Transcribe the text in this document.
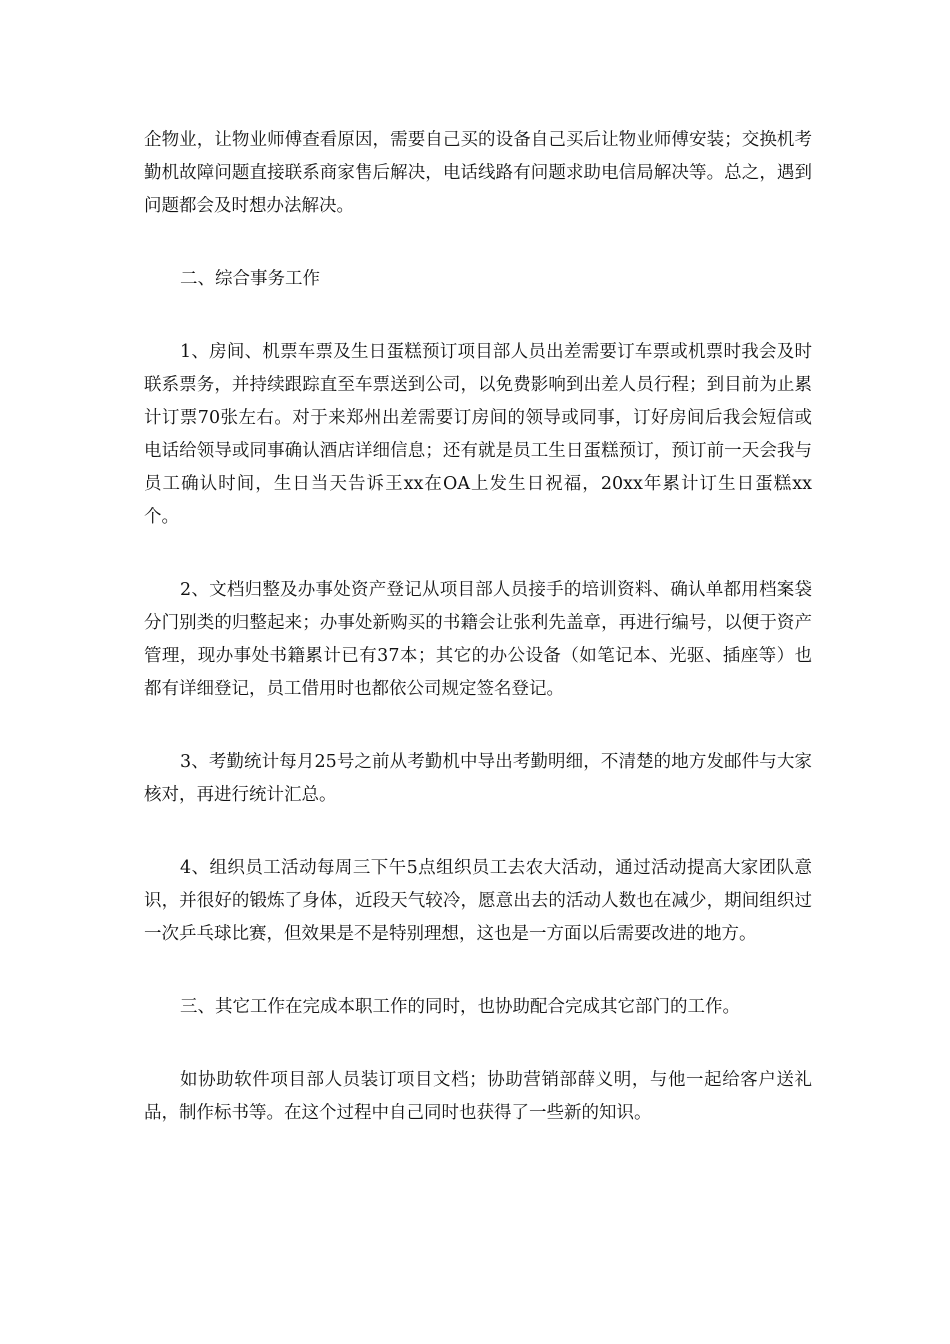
企物业，让物业师傅查看原因，需要自己买的设备自己买后让物业师傅安装；交换机考勤机故障问题直接联系商家售后解决，电话线路有问题求助电信局解决等。总之，遇到问题都会及时想办法解决。

二、综合事务工作

1、房间、机票车票及生日蛋糕预订项目部人员出差需要订车票或机票时我会及时联系票务，并持续跟踪直至车票送到公司，以免费影响到出差人员行程；到目前为止累计订票70张左右。对于来郑州出差需要订房间的领导或同事，订好房间后我会短信或电话给领导或同事确认酒店详细信息；还有就是员工生日蛋糕预订，预订前一天会我与员工确认时间，生日当天告诉王xx在OA上发生日祝福，20xx年累计订生日蛋糕xx个。

2、文档归整及办事处资产登记从项目部人员接手的培训资料、确认单都用档案袋分门别类的归整起来；办事处新购买的书籍会让张利先盖章，再进行编号，以便于资产管理，现办事处书籍累计已有37本；其它的办公设备（如笔记本、光驱、插座等）也都有详细登记，员工借用时也都依公司规定签名登记。

3、考勤统计每月25号之前从考勤机中导出考勤明细，不清楚的地方发邮件与大家核对，再进行统计汇总。

4、组织员工活动每周三下午5点组织员工去农大活动，通过活动提高大家团队意识，并很好的锻炼了身体，近段天气较冷，愿意出去的活动人数也在减少，期间组织过一次乒乓球比赛，但效果是不是特别理想，这也是一方面以后需要改进的地方。

三、其它工作在完成本职工作的同时，也协助配合完成其它部门的工作。

如协助软件项目部人员装订项目文档；协助营销部薛义明，与他一起给客户送礼品，制作标书等。在这个过程中自己同时也获得了一些新的知识。
